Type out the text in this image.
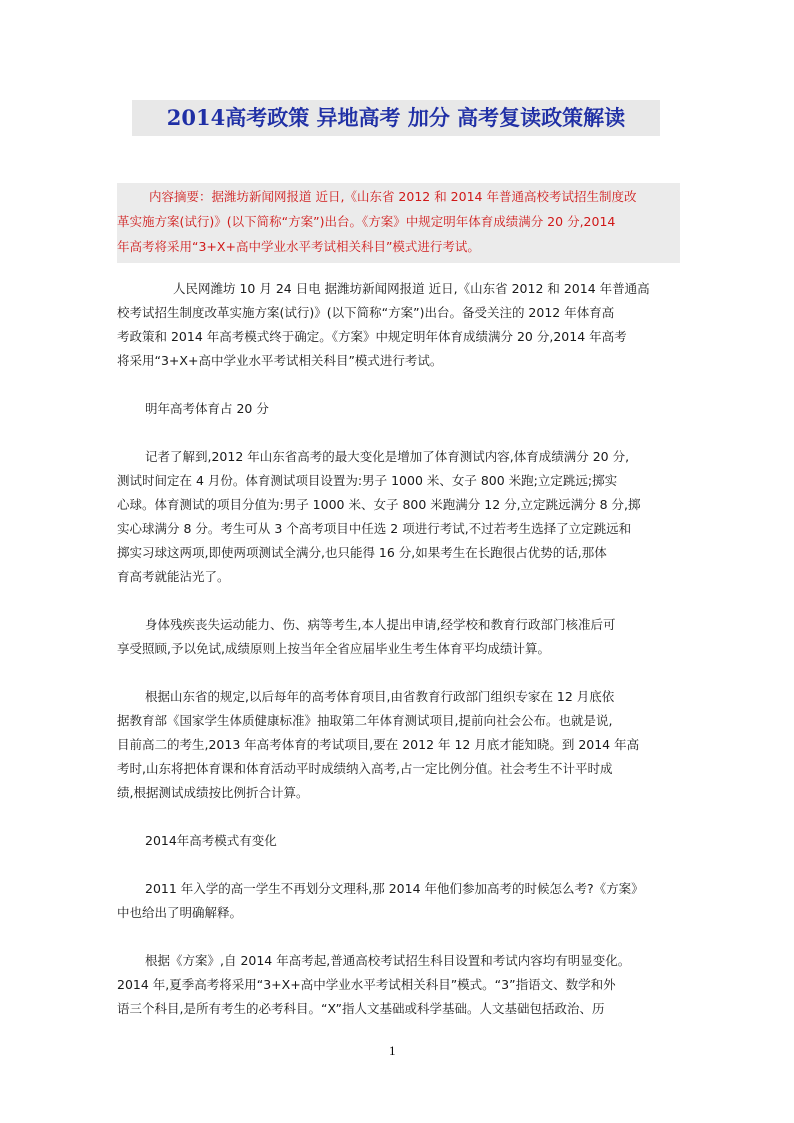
2014高考政策 异地高考 加分 高考复读政策解读
内容摘要：据潍坊新闻网报道 近日,《山东省 2012 和 2014 年普通高校考试招生制度改
革实施方案(试行)》(以下简称“方案”)出台。《方案》中规定明年体育成绩满分 20 分,2014
年高考将采用“3+X+高中学业水平考试相关科目”模式进行考试。
人民网潍坊 10 月 24 日电 据潍坊新闻网报道 近日,《山东省 2012 和 2014 年普通高
校考试招生制度改革实施方案(试行)》(以下简称“方案”)出台。备受关注的 2012 年体育高
考政策和 2014 年高考模式终于确定。《方案》中规定明年体育成绩满分 20 分,2014 年高考
将采用“3+X+高中学业水平考试相关科目”模式进行考试。
明年高考体育占 20 分
记者了解到,2012 年山东省高考的最大变化是增加了体育测试内容,体育成绩满分 20 分,
测试时间定在 4 月份。体育测试项目设置为:男子 1000 米、女子 800 米跑;立定跳远;掷实
心球。体育测试的项目分值为:男子 1000 米、女子 800 米跑满分 12 分,立定跳远满分 8 分,掷
实心球满分 8 分。考生可从 3 个高考项目中任选 2 项进行考试,不过若考生选择了立定跳远和
掷实习球这两项,即使两项测试全满分,也只能得 16 分,如果考生在长跑很占优势的话,那体
育高考就能沾光了。
身体残疾丧失运动能力、伤、病等考生,本人提出申请,经学校和教育行政部门核准后可
享受照顾,予以免试,成绩原则上按当年全省应届毕业生考生体育平均成绩计算。
根据山东省的规定,以后每年的高考体育项目,由省教育行政部门组织专家在 12 月底依
据教育部《国家学生体质健康标准》抽取第二年体育测试项目,提前向社会公布。也就是说,
目前高二的考生,2013 年高考体育的考试项目,要在 2012 年 12 月底才能知晓。到 2014 年高
考时,山东将把体育课和体育活动平时成绩纳入高考,占一定比例分值。社会考生不计平时成
绩,根据测试成绩按比例折合计算。
2014年高考模式有变化
2011 年入学的高一学生不再划分文理科,那 2014 年他们参加高考的时候怎么考?《方案》
中也给出了明确解释。
根据《方案》,自 2014 年高考起,普通高校考试招生科目设置和考试内容均有明显变化。
2014 年,夏季高考将采用“3+X+高中学业水平考试相关科目”模式。“3”指语文、数学和外
语三个科目,是所有考生的必考科目。“X”指人文基础或科学基础。人文基础包括政治、历
1
